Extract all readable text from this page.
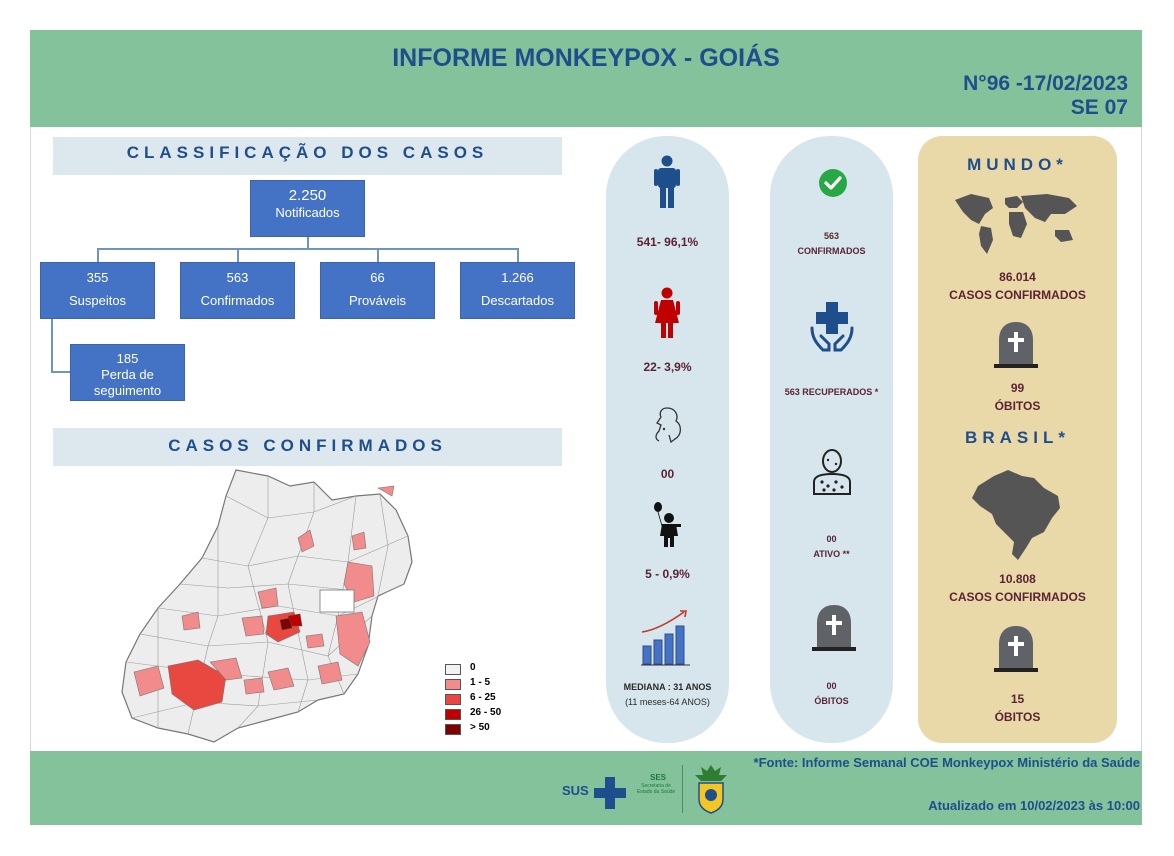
INFORME MONKEYPOX - GOIÁS
N°96 -17/02/2023
SE 07
CLASSIFICAÇÃO DOS CASOS
2.250
Notificados
355
Suspeitos
563
Confirmados
66
Prováveis
1.266
Descartados
185
Perda de
seguimento
CASOS CONFIRMADOS
0
1 - 5
6 - 25
26 - 50
> 50
541- 96,1%
22- 3,9%
00
5 - 0,9%
MEDIANA : 31 ANOS
(11 meses-64 ANOS)
563
CONFIRMADOS
563 RECUPERADOS *
00
ATIVO **
00
ÓBITOS
MUNDO*
86.014
CASOS CONFIRMADOS
99
ÓBITOS
BRASIL*
10.808
CASOS CONFIRMADOS
15
ÓBITOS
*Fonte: Informe Semanal COE Monkeypox Ministério da Saúde
Atualizado em 10/02/2023 às 10:00
SUS
SES
Secretaria de Estado da Saúde
